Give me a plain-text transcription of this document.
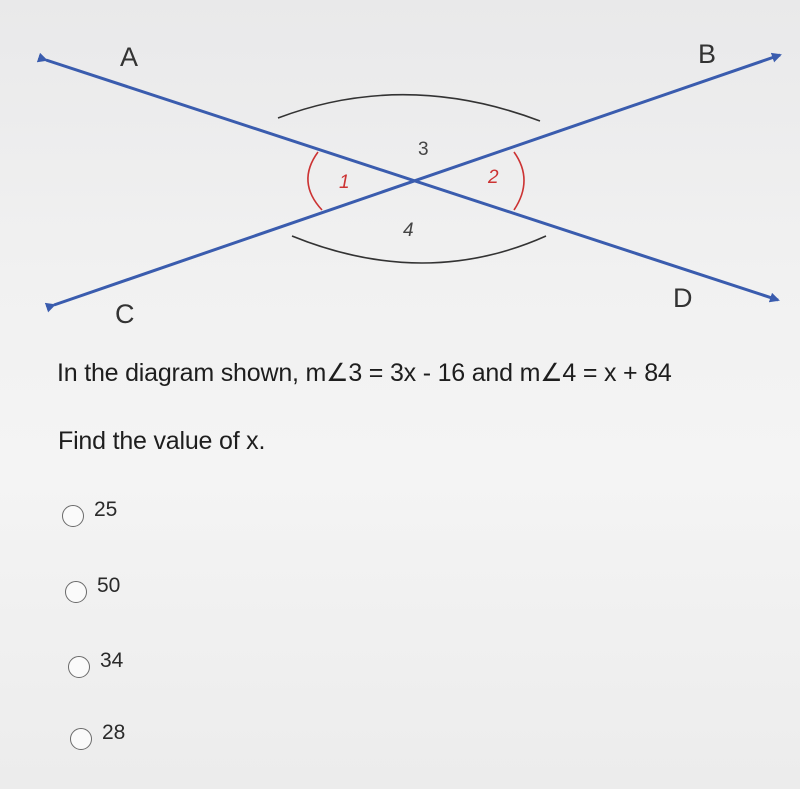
A	B
C
D
1	2
3
4
In the diagram shown, m∠3 = 3x - 16 and m∠4 = x + 84
Find the value of x.
25
50
34
28
